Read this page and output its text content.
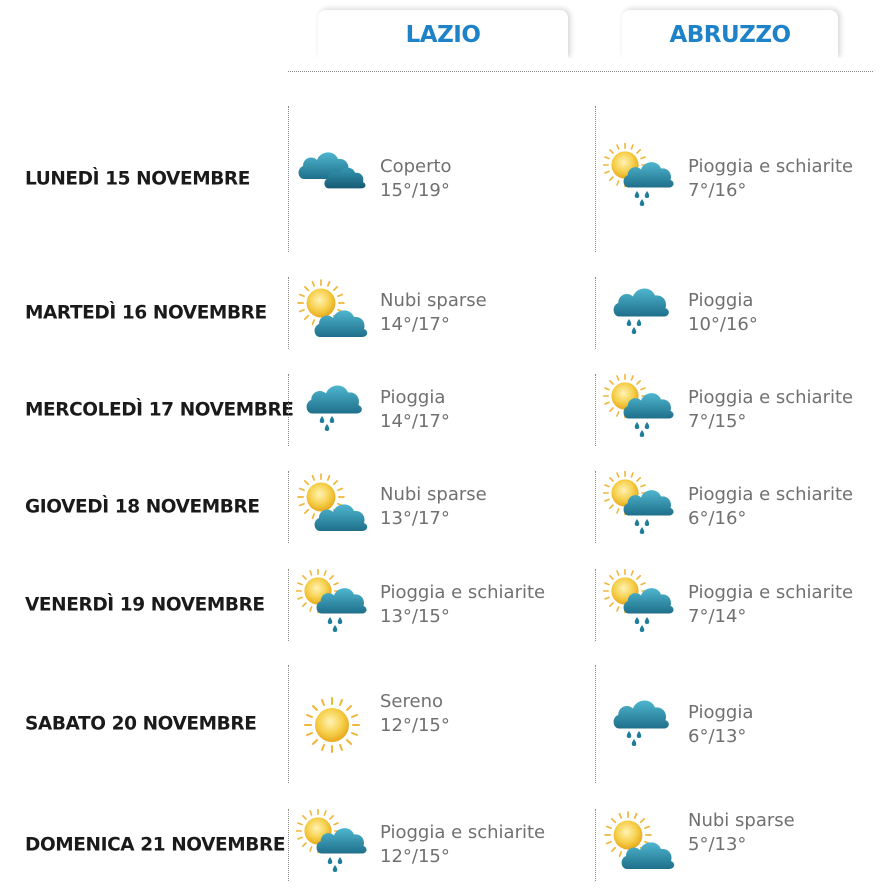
LAZIO	ABRUZZO
LUNEDÌ 15 NOVEMBRE
Coperto
15°/19°
Pioggia e schiarite
7°/16°
MARTEDÌ 16 NOVEMBRE
Nubi sparse
14°/17°
Pioggia
10°/16°
MERCOLEDÌ 17 NOVEMBRE
Pioggia
14°/17°
Pioggia e schiarite
7°/15°
GIOVEDÌ 18 NOVEMBRE
Nubi sparse
13°/17°
Pioggia e schiarite
6°/16°
VENERDÌ 19 NOVEMBRE
Pioggia e schiarite
13°/15°
Pioggia e schiarite
7°/14°
SABATO 20 NOVEMBRE
Sereno
12°/15°
Pioggia
6°/13°
DOMENICA 21 NOVEMBRE
Pioggia e schiarite
12°/15°
Nubi sparse
5°/13°
